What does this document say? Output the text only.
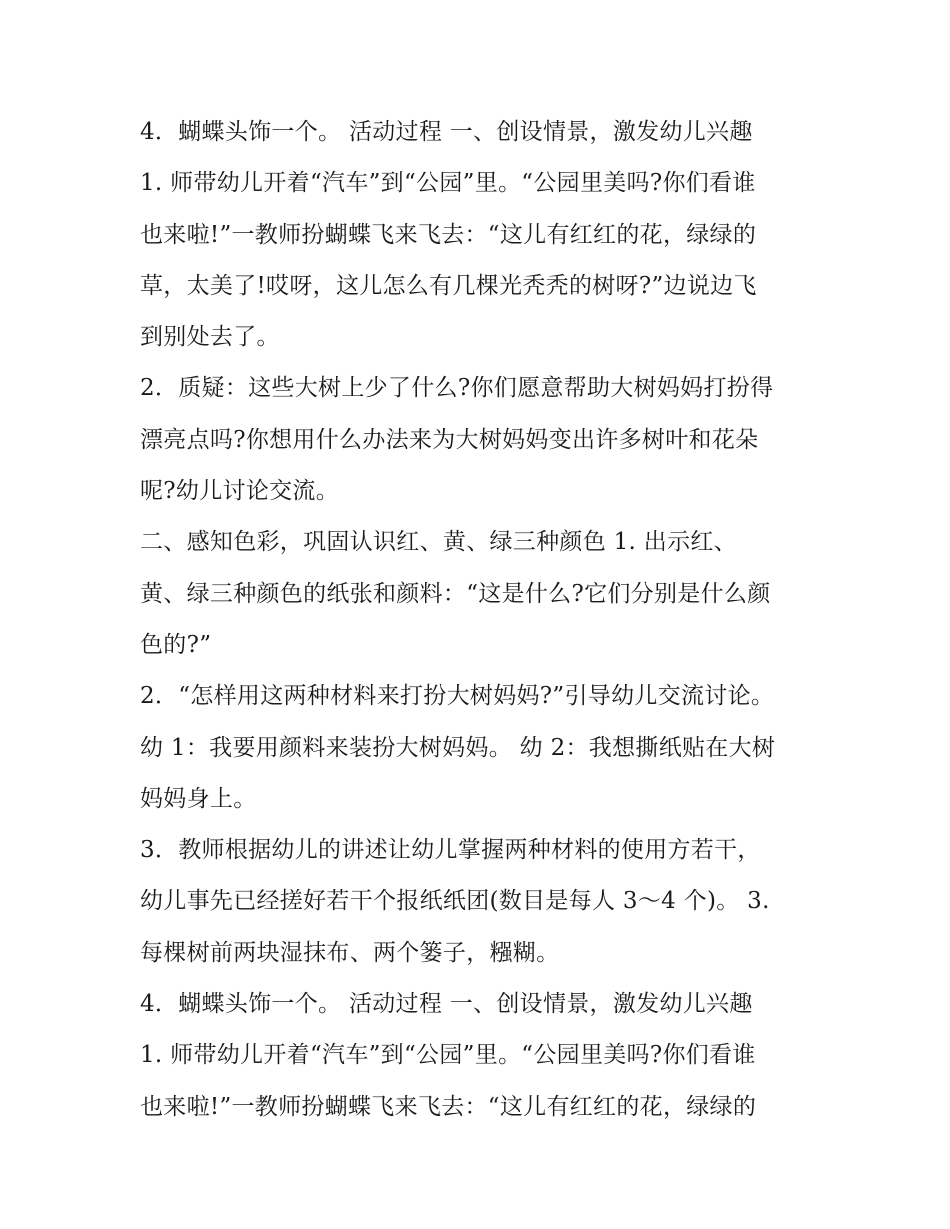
4．蝴蝶头饰一个。 活动过程 一、创设情景，激发幼儿兴趣
1. 师带幼儿开着“汽车”到“公园”里。“公园里美吗?你们看谁
也来啦!”一教师扮蝴蝶飞来飞去：“这儿有红红的花，绿绿的
草，太美了!哎呀，这儿怎么有几棵光秃秃的树呀?”边说边飞
到别处去了。
2．质疑：这些大树上少了什么?你们愿意帮助大树妈妈打扮得
漂亮点吗?你想用什么办法来为大树妈妈变出许多树叶和花朵
呢?幼儿讨论交流。
二、感知色彩，巩固认识红、黄、绿三种颜色 1. 出示红、
黄、绿三种颜色的纸张和颜料：“这是什么?它们分别是什么颜
色的?”
2．“怎样用这两种材料来打扮大树妈妈?”引导幼儿交流讨论。
幼 1：我要用颜料来装扮大树妈妈。 幼 2：我想撕纸贴在大树
妈妈身上。
3．教师根据幼儿的讲述让幼儿掌握两种材料的使用方若干，
幼儿事先已经搓好若干个报纸纸团(数目是每人 3～4 个)。 3.
每棵树前两块湿抹布、两个篓子，糨糊。
4．蝴蝶头饰一个。 活动过程 一、创设情景，激发幼儿兴趣
1. 师带幼儿开着“汽车”到“公园”里。“公园里美吗?你们看谁
也来啦!”一教师扮蝴蝶飞来飞去：“这儿有红红的花，绿绿的
